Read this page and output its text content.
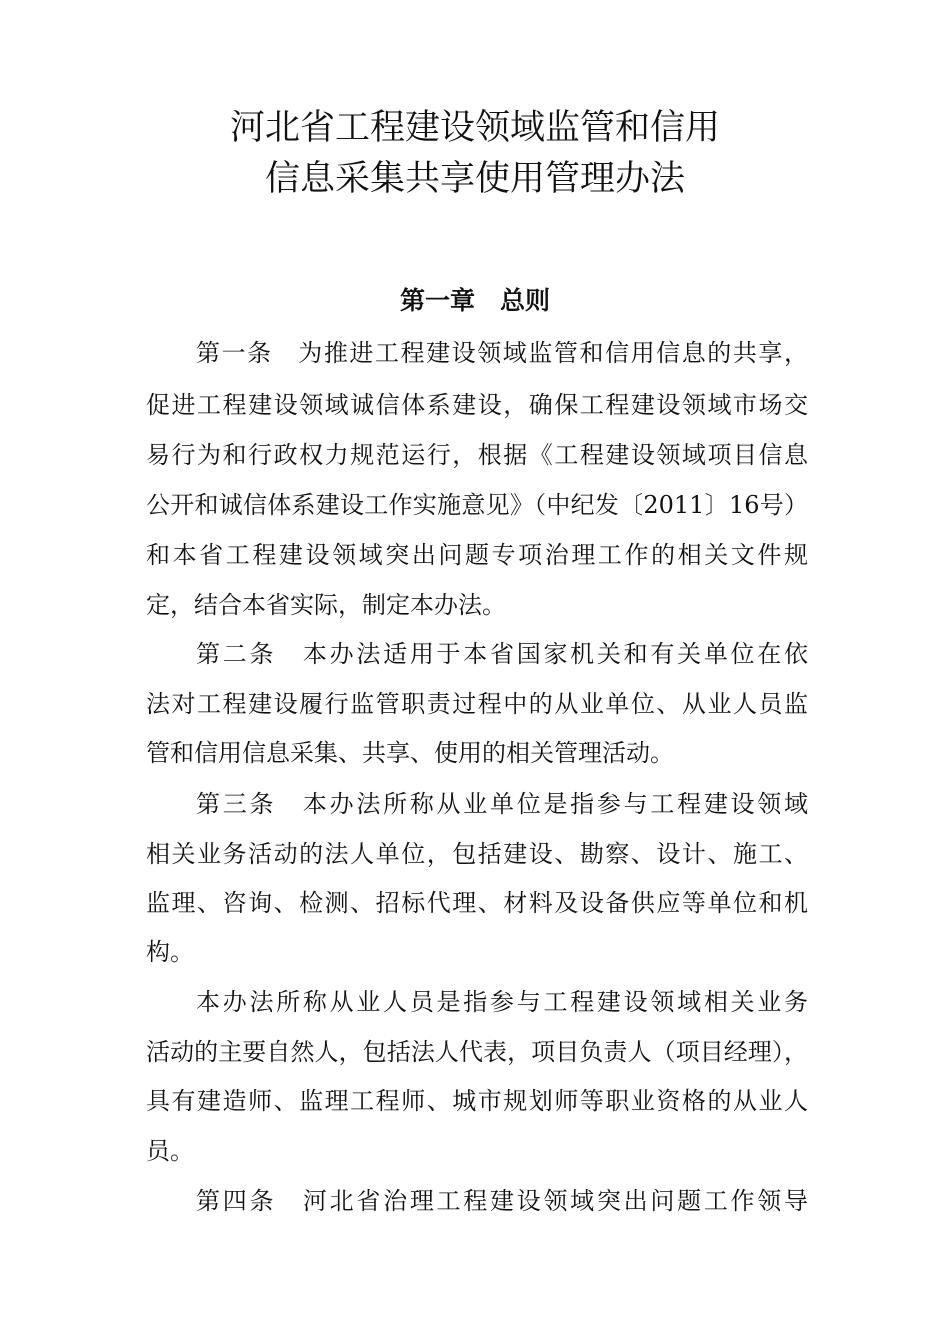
河北省工程建设领域监管和信用
信息采集共享使用管理办法
第一章　总则

第一条　为推进工程建设领域监管和信用信息的共享，

促进工程建设领域诚信体系建设，确保工程建设领域市场交

易行为和行政权力规范运行，根据《工程建设领域项目信息

公开和诚信体系建设工作实施意见》（中纪发〔2011〕16号）

和本省工程建设领域突出问题专项治理工作的相关文件规

定，结合本省实际，制定本办法。

第二条　本办法适用于本省国家机关和有关单位在依

法对工程建设履行监管职责过程中的从业单位、从业人员监

管和信用信息采集、共享、使用的相关管理活动。

第三条　本办法所称从业单位是指参与工程建设领域

相关业务活动的法人单位，包括建设、勘察、设计、施工、

监理、咨询、检测、招标代理、材料及设备供应等单位和机

构。

本办法所称从业人员是指参与工程建设领域相关业务

活动的主要自然人，包括法人代表，项目负责人（项目经理），

具有建造师、监理工程师、城市规划师等职业资格的从业人

员。

第四条　河北省治理工程建设领域突出问题工作领导
